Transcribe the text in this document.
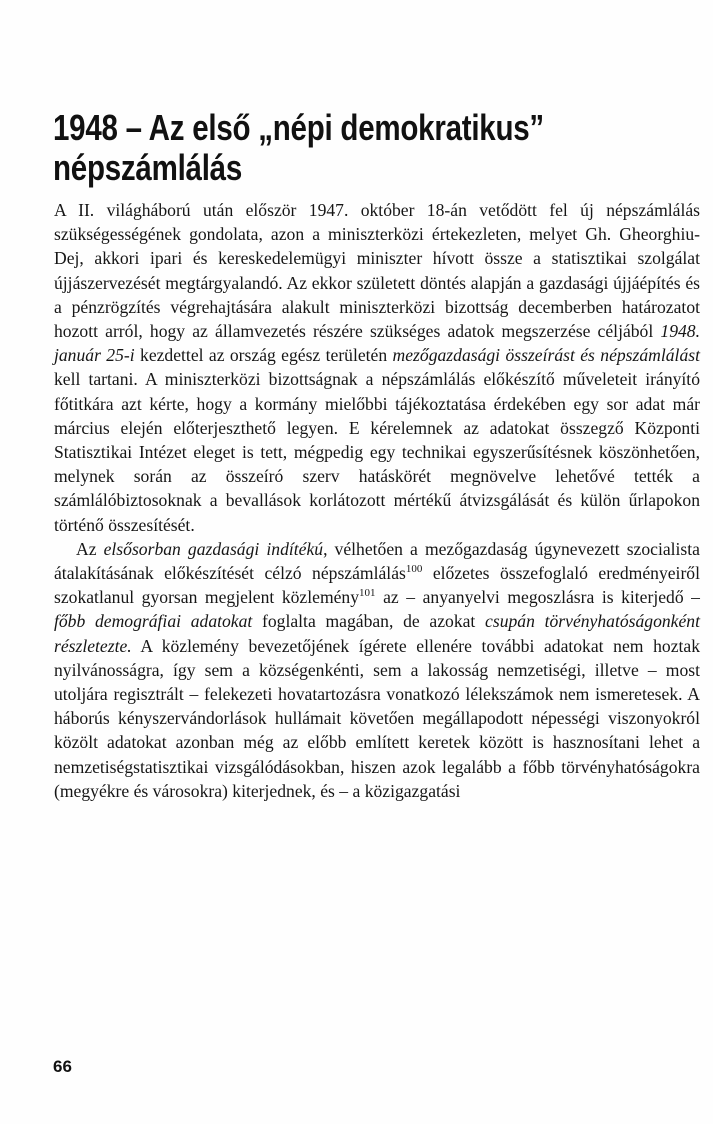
1948 – Az első „népi demokratikus”
népszámlálás

A II. világháború után először 1947. október 18-án vetődött fel új népszámlálás szükségességének gondolata, azon a miniszterközi értekezleten, melyet Gh. Gheorghiu-Dej, akkori ipari és kereskedelemügyi miniszter hívott össze a statisztikai szolgálat újjászervezését megtárgyalandó. Az ekkor született döntés alapján a gazdasági újjáépítés és a pénzrögzítés végrehajtására alakult miniszterközi bizottság decemberben határozatot hozott arról, hogy az államvezetés részére szükséges adatok megszerzése céljából 1948. január 25-i kezdettel az ország egész területén mezőgazdasági összeírást és népszámlálást kell tartani. A miniszterközi bizottságnak a népszámlálás előkészítő műveleteit irányító főtitkára azt kérte, hogy a kormány mielőbbi tájékoztatása érdekében egy sor adat már március elején előterjeszthető legyen. E kérelemnek az adatokat összegző Központi Statisztikai Intézet eleget is tett, mégpedig egy technikai egyszerűsítésnek köszönhetően, melynek során az összeíró szerv hatáskörét megnövelve lehetővé tették a számlálóbiztosoknak a bevallások korlátozott mértékű átvizsgálását és külön űrlapokon történő összesítését.

Az elsősorban gazdasági indítékú, vélhetően a mezőgazdaság úgynevezett szocialista átalakításának előkészítését célzó népszámlálás$^{100}$ előzetes összefoglaló eredményeiről szokatlanul gyorsan megjelent közlemény$^{101}$ az – anyanyelvi megoszlásra is kiterjedő – főbb demográfiai adatokat foglalta magában, de azokat csupán törvényhatóságonként részletezte. A közlemény bevezetőjének ígérete ellenére további adatokat nem hoztak nyilvánosságra, így sem a községenkénti, sem a lakosság nemzetiségi, illetve – most utoljára regisztrált – felekezeti hovatartozásra vonatkozó lélekszámok nem ismeretesek. A háborús kényszervándorlások hullámait követően megállapodott népességi viszonyokról közölt adatokat azonban még az előbb említett keretek között is hasznosítani lehet a nemzetiségstatisztikai vizsgálódásokban, hiszen azok legalább a főbb törvényhatóságokra (megyékre és városokra) kiterjednek, és – a közigazgatási

66
